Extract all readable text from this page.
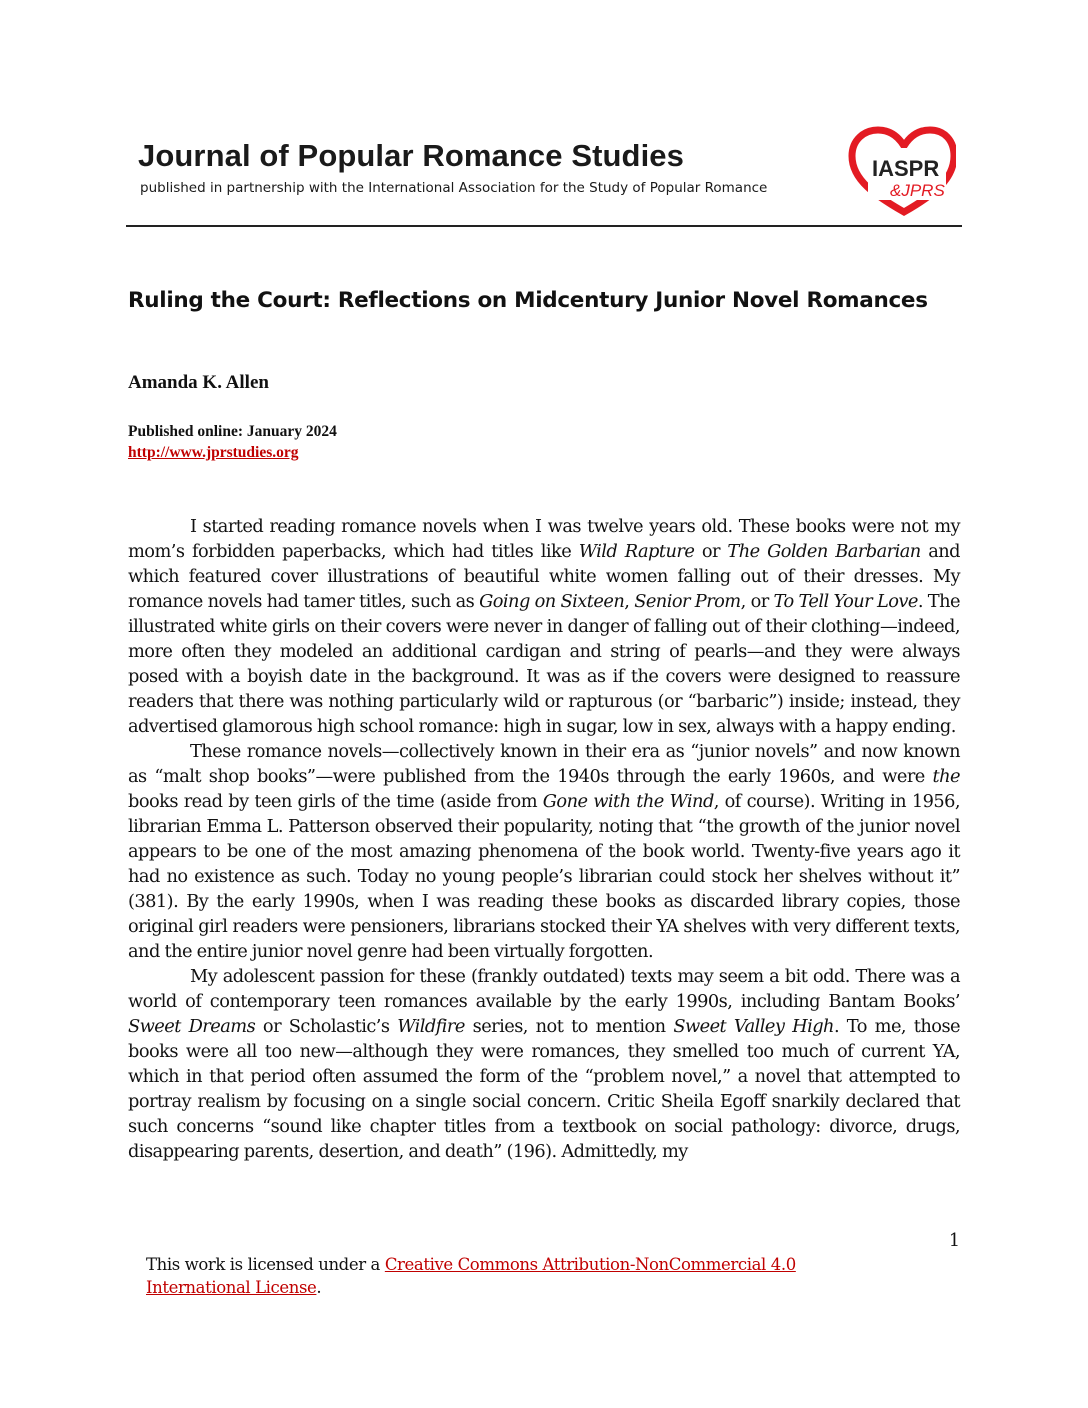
Journal of Popular Romance Studies
published in partnership with the International Association for the Study of Popular Romance
IASPR
&JPRS
Ruling the Court: Reflections on Midcentury Junior Novel Romances
Amanda K. Allen
Published online: January 2024
http://www.jprstudies.org

I started reading romance novels when I was twelve years old. These books were not my mom’s forbidden paperbacks, which had titles like Wild Rapture or The Golden Barbarian and which featured cover illustrations of beautiful white women falling out of their dresses. My romance novels had tamer titles, such as Going on Sixteen, Senior Prom, or To Tell Your Love. The illustrated white girls on their covers were never in danger of falling out of their clothing—indeed, more often they modeled an additional cardigan and string of pearls—and they were always posed with a boyish date in the background. It was as if the covers were designed to reassure readers that there was nothing particularly wild or rapturous (or “barbaric”) inside; instead, they advertised glamorous high school romance: high in sugar, low in sex, always with a happy ending.

These romance novels—collectively known in their era as “junior novels” and now known as “malt shop books”—were published from the 1940s through the early 1960s, and were the books read by teen girls of the time (aside from Gone with the Wind, of course). Writing in 1956, librarian Emma L. Patterson observed their popularity, noting that “the growth of the junior novel appears to be one of the most amazing phenomena of the book world. Twenty-five years ago it had no existence as such. Today no young people’s librarian could stock her shelves without it” (381). By the early 1990s, when I was reading these books as discarded library copies, those original girl readers were pensioners, librarians stocked their YA shelves with very different texts, and the entire junior novel genre had been virtually forgotten.

My adolescent passion for these (frankly outdated) texts may seem a bit odd. There was a world of contemporary teen romances available by the early 1990s, including Bantam Books’ Sweet Dreams or Scholastic’s Wildfire series, not to mention Sweet Valley High. To me, those books were all too new—although they were romances, they smelled too much of current YA, which in that period often assumed the form of the “problem novel,” a novel that attempted to portray realism by focusing on a single social concern. Critic Sheila Egoff snarkily declared that such concerns “sound like chapter titles from a textbook on social pathology: divorce, drugs, disappearing parents, desertion, and death” (196). Admittedly, my

1
This work is licensed under a Creative Commons Attribution-NonCommercial 4.0 International License.
